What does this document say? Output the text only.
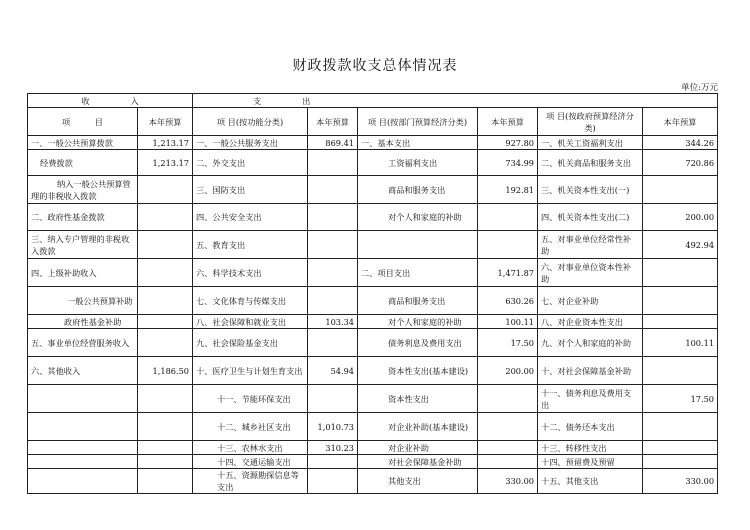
财政拨款收支总体情况表
单位:万元
收　　　　　入		支　　　　　出					
项　　　目	本年预算	项 目(按功能分类)	本年预算	项 目(按部门预算经济分类)	本年预算	项 目(按政府预算经济分类)	本年预算
一、一般公共预算拨款	1,213.17	一、一般公共服务支出	869.41	一、基本支出	927.80	一、机关工资福利支出	344.26
经费拨款	1,213.17	二、外交支出		工资福利支出	734.99	二、机关商品和服务支出	720.86
纳入一般公共预算管理的非税收入拨款		三、国防支出		商品和服务支出	192.81	三、机关资本性支出(一)	
二、政府性基金拨款		四、公共安全支出		对个人和家庭的补助		四、机关资本性支出(二)	200.00
三、纳入专户管理的非税收入拨款		五、教育支出				五、对事业单位经常性补助	492.94
四、上级补助收入		六、科学技术支出		二、项目支出	1,471.87	六、对事业单位资本性补助	
一般公共预算补助		七、文化体育与传媒支出		商品和服务支出	630.26	七、对企业补助	
政府性基金补助		八、社会保障和就业支出	103.34	对个人和家庭的补助	100.11	八、对企业资本性支出	
五、事业单位经营服务收入		九、社会保险基金支出		债务利息及费用支出	17.50	九、对个人和家庭的补助	100.11
六、其他收入	1,186.50	十、医疗卫生与计划生育支出	54.94	资本性支出(基本建设)	200.00	十、对社会保障基金补助	
		十一、节能环保支出		资本性支出		十一、债务利息及费用支出	17.50
		十二、城乡社区支出	1,010.73	对企业补助(基本建设)		十二、债务还本支出	
		十三、农林水支出	310.23	对企业补助		十三、转移性支出	
		十四、交通运输支出		对社会保障基金补助		十四、预留费及预留	
		十五、资源勘探信息等支出		其他支出	330.00	十五、其他支出	330.00
